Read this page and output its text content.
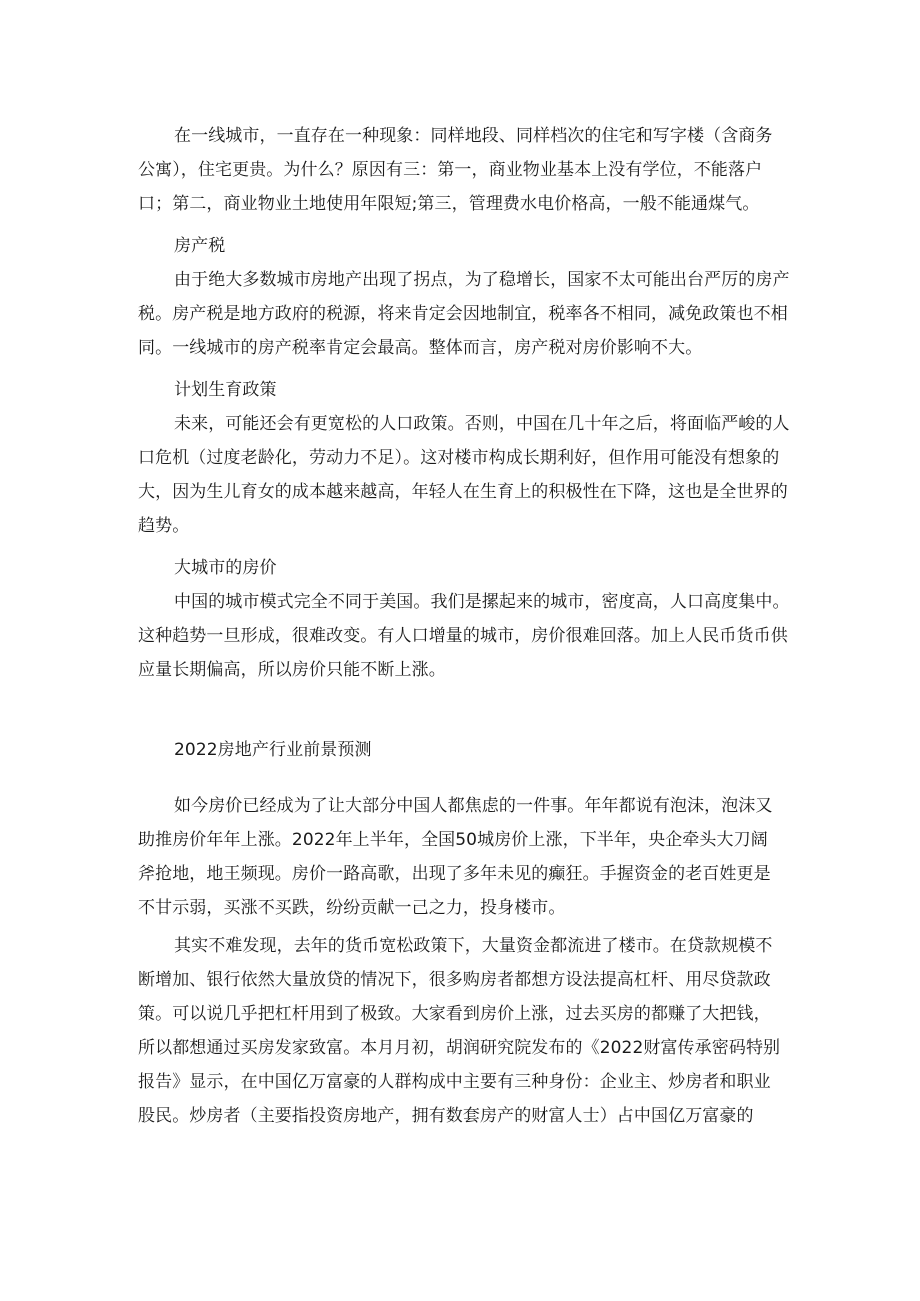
在一线城市，一直存在一种现象：同样地段、同样档次的住宅和写字楼（含商务
公寓），住宅更贵。为什么？原因有三：第一，商业物业基本上没有学位，不能落户
口；第二，商业物业土地使用年限短;第三，管理费水电价格高，一般不能通煤气。
房产税
由于绝大多数城市房地产出现了拐点，为了稳增长，国家不太可能出台严厉的房产
税。房产税是地方政府的税源，将来肯定会因地制宜，税率各不相同，减免政策也不相
同。一线城市的房产税率肯定会最高。整体而言，房产税对房价影响不大。
计划生育政策
未来，可能还会有更宽松的人口政策。否则，中国在几十年之后，将面临严峻的人
口危机（过度老龄化，劳动力不足）。这对楼市构成长期利好，但作用可能没有想象的
大，因为生儿育女的成本越来越高，年轻人在生育上的积极性在下降，这也是全世界的
趋势。
大城市的房价
中国的城市模式完全不同于美国。我们是摞起来的城市，密度高，人口高度集中。
这种趋势一旦形成，很难改变。有人口增量的城市，房价很难回落。加上人民币货币供
应量长期偏高，所以房价只能不断上涨。
2022房地产行业前景预测
如今房价已经成为了让大部分中国人都焦虑的一件事。年年都说有泡沫，泡沫又
助推房价年年上涨。2022年上半年，全国50城房价上涨，下半年，央企牵头大刀阔
斧抢地，地王频现。房价一路高歌，出现了多年未见的癫狂。手握资金的老百姓更是
不甘示弱，买涨不买跌，纷纷贡献一己之力，投身楼市。
其实不难发现，去年的货币宽松政策下，大量资金都流进了楼市。在贷款规模不
断增加、银行依然大量放贷的情况下，很多购房者都想方设法提高杠杆、用尽贷款政
策。可以说几乎把杠杆用到了极致。大家看到房价上涨，过去买房的都赚了大把钱，
所以都想通过买房发家致富。本月月初，胡润研究院发布的《2022财富传承密码特别
报告》显示，在中国亿万富豪的人群构成中主要有三种身份：企业主、炒房者和职业
股民。炒房者（主要指投资房地产，拥有数套房产的财富人士）占中国亿万富豪的
